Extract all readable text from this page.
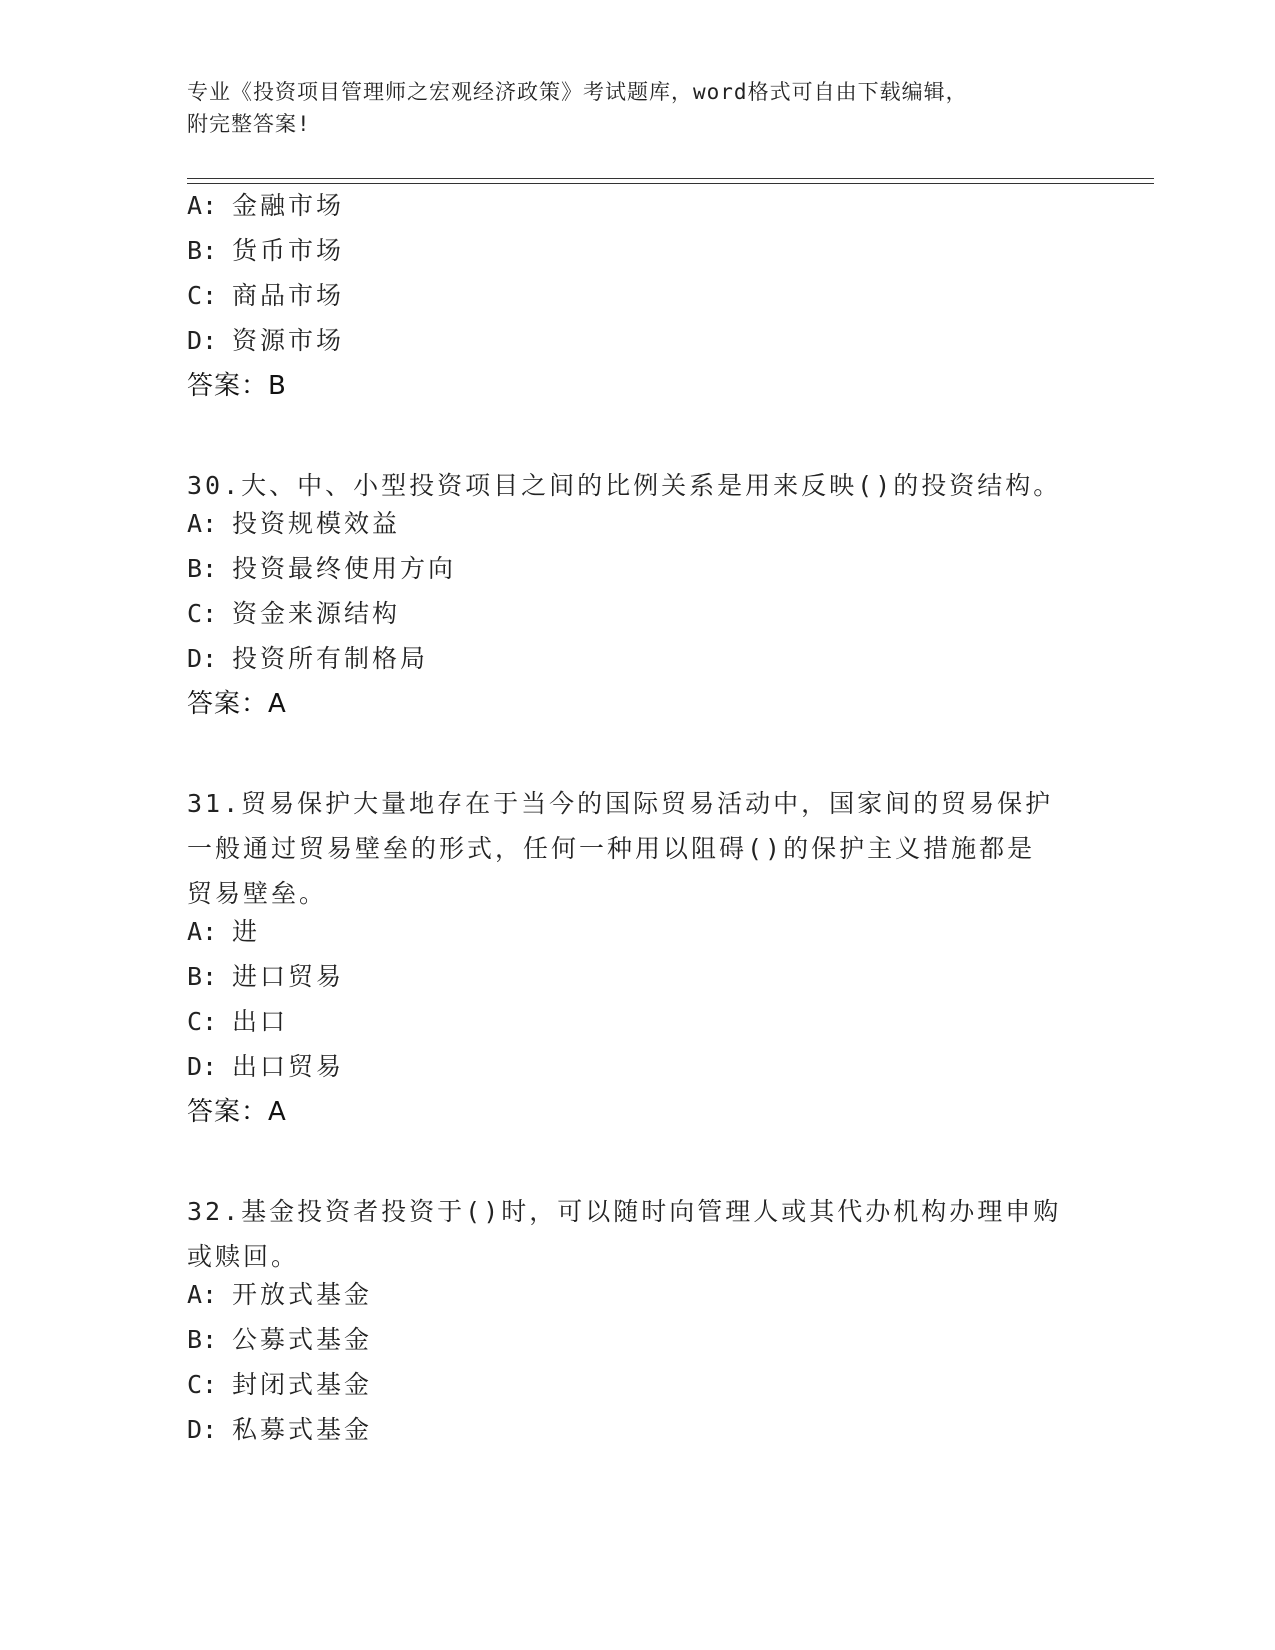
专业《投资项目管理师之宏观经济政策》考试题库，word格式可自由下载编辑，
附完整答案!
A: 金融市场
B: 货币市场
C: 商品市场
D: 资源市场
答案：B
30.大、中、小型投资项目之间的比例关系是用来反映()的投资结构。
A: 投资规模效益
B: 投资最终使用方向
C: 资金来源结构
D: 投资所有制格局
答案：A
31.贸易保护大量地存在于当今的国际贸易活动中，国家间的贸易保护
一般通过贸易壁垒的形式，任何一种用以阻碍()的保护主义措施都是
贸易壁垒。
A: 进
B: 进口贸易
C: 出口
D: 出口贸易
答案：A
32.基金投资者投资于()时，可以随时向管理人或其代办机构办理申购
或赎回。
A: 开放式基金
B: 公募式基金
C: 封闭式基金
D: 私募式基金
